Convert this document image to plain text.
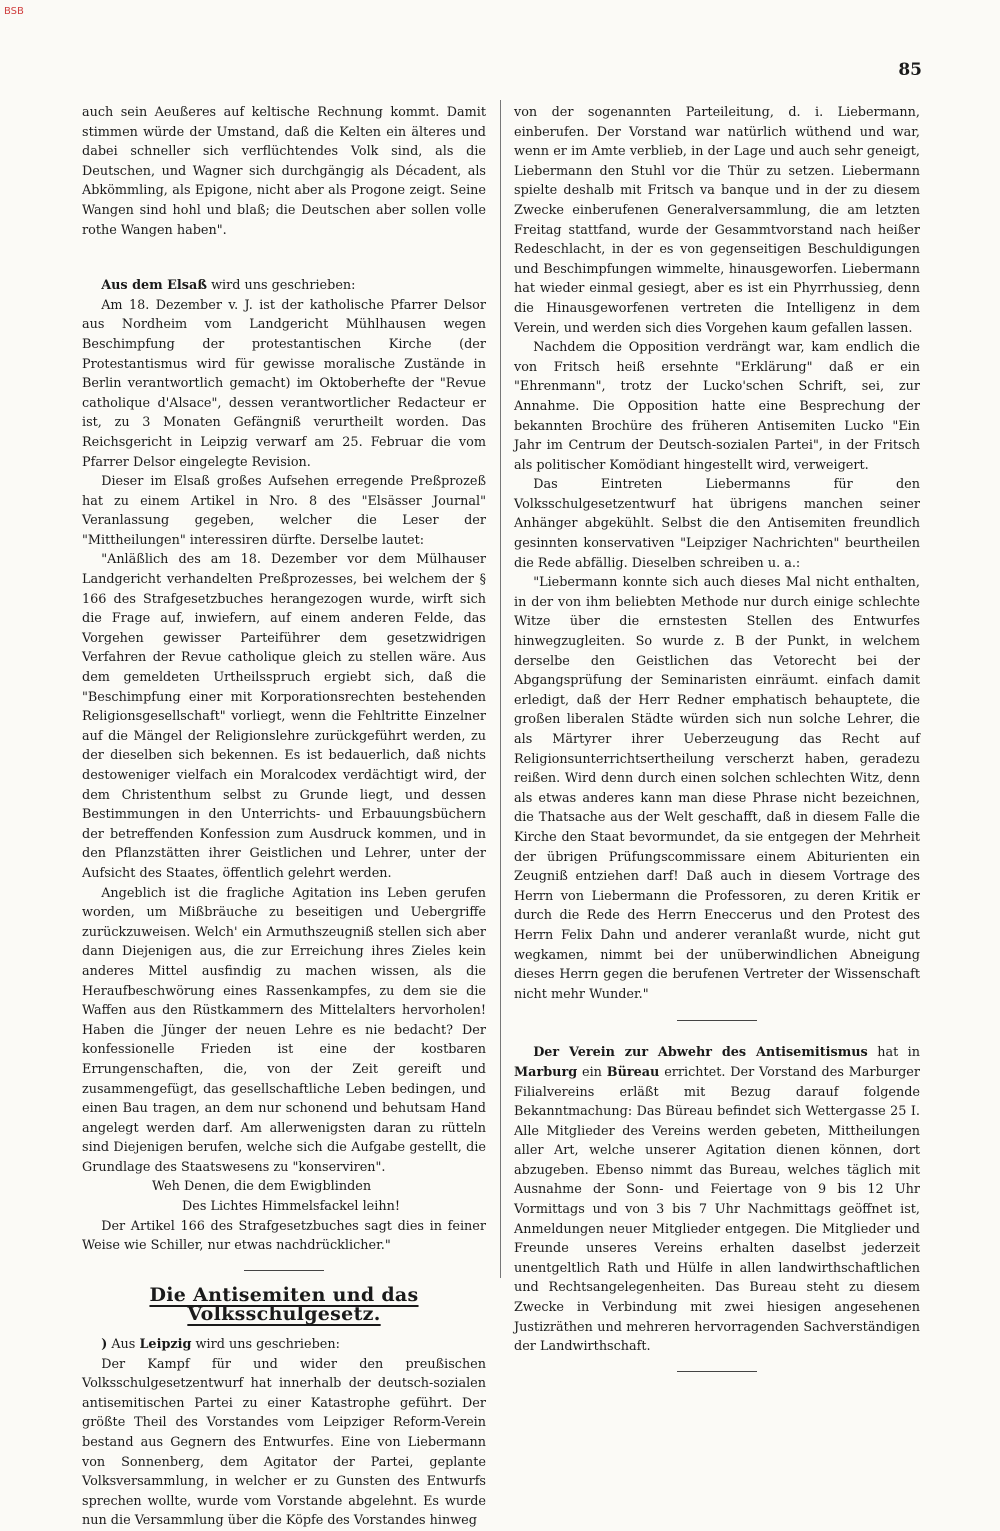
BSB
85

auch sein Aeußeres auf keltische Rechnung kommt. Damit stimmen würde der Umstand, daß die Kelten ein älteres und dabei schneller sich verflüchtendes Volk sind, als die Deutschen, und Wagner sich durchgängig als Décadent, als Abkömmling, als Epigone, nicht aber als Progone zeigt. Seine Wangen sind hohl und blaß; die Deutschen aber sollen volle rothe Wangen haben".

Aus dem Elsaß wird uns geschrieben:

Am 18. Dezember v. J. ist der katholische Pfarrer Delsor aus Nordheim vom Landgericht Mühlhausen wegen Beschimpfung der protestantischen Kirche (der Protestantismus wird für gewisse moralische Zustände in Berlin verantwortlich gemacht) im Oktoberhefte der "Revue catholique d'Alsace", dessen verantwortlicher Redacteur er ist, zu 3 Monaten Gefängniß verurtheilt worden. Das Reichsgericht in Leipzig verwarf am 25. Februar die vom Pfarrer Delsor eingelegte Revision.

Dieser im Elsaß großes Aufsehen erregende Preßprozeß hat zu einem Artikel in Nro. 8 des "Elsässer Journal" Veranlassung gegeben, welcher die Leser der "Mittheilungen" interessiren dürfte. Derselbe lautet:

"Anläßlich des am 18. Dezember vor dem Mülhauser Landgericht verhandelten Preßprozesses, bei welchem der § 166 des Strafgesetzbuches herangezogen wurde, wirft sich die Frage auf, inwiefern, auf einem anderen Felde, das Vorgehen gewisser Parteiführer dem gesetzwidrigen Verfahren der Revue catholique gleich zu stellen wäre. Aus dem gemeldeten Urtheilsspruch ergiebt sich, daß die "Beschimpfung einer mit Korporationsrechten bestehenden Religionsgesellschaft" vorliegt, wenn die Fehltritte Einzelner auf die Mängel der Religionslehre zurückgeführt werden, zu der dieselben sich bekennen. Es ist bedauerlich, daß nichts destoweniger vielfach ein Moralcodex verdächtigt wird, der dem Christenthum selbst zu Grunde liegt, und dessen Bestimmungen in den Unterrichts- und Erbauungsbüchern der betreffenden Konfession zum Ausdruck kommen, und in den Pflanzstätten ihrer Geistlichen und Lehrer, unter der Aufsicht des Staates, öffentlich gelehrt werden.

Angeblich ist die fragliche Agitation ins Leben gerufen worden, um Mißbräuche zu beseitigen und Uebergriffe zurückzuweisen. Welch' ein Armuthszeugniß stellen sich aber dann Diejenigen aus, die zur Erreichung ihres Zieles kein anderes Mittel ausfindig zu machen wissen, als die Heraufbeschwörung eines Rassenkampfes, zu dem sie die Waffen aus den Rüstkammern des Mittelalters hervorholen! Haben die Jünger der neuen Lehre es nie bedacht? Der konfessionelle Frieden ist eine der kostbaren Errungenschaften, die, von der Zeit gereift und zusammengefügt, das gesellschaftliche Leben bedingen, und einen Bau tragen, an dem nur schonend und behutsam Hand angelegt werden darf. Am allerwenigsten daran zu rütteln sind Diejenigen berufen, welche sich die Aufgabe gestellt, die Grundlage des Staatswesens zu "konserviren".

Weh Denen, die dem Ewigblinden

Des Lichtes Himmelsfackel leihn!

Der Artikel 166 des Strafgesetzbuches sagt dies in feiner Weise wie Schiller, nur etwas nachdrücklicher."

Die Antisemiten und das Volksschulgesetz.

) Aus Leipzig wird uns geschrieben:

Der Kampf für und wider den preußischen Volksschulgesetzentwurf hat innerhalb der deutsch-sozialen antisemitischen Partei zu einer Katastrophe geführt. Der größte Theil des Vorstandes vom Leipziger Reform-Verein bestand aus Gegnern des Entwurfes. Eine von Liebermann von Sonnenberg, dem Agitator der Partei, geplante Volksversammlung, in welcher er zu Gunsten des Entwurfs sprechen wollte, wurde vom Vorstande abgelehnt. Es wurde nun die Versammlung über die Köpfe des Vorstandes hinweg

von der sogenannten Parteileitung, d. i. Liebermann, einberufen. Der Vorstand war natürlich wüthend und war, wenn er im Amte verblieb, in der Lage und auch sehr geneigt, Liebermann den Stuhl vor die Thür zu setzen. Liebermann spielte deshalb mit Fritsch va banque und in der zu diesem Zwecke einberufenen Generalversammlung, die am letzten Freitag stattfand, wurde der Gesammtvorstand nach heißer Redeschlacht, in der es von gegenseitigen Beschuldigungen und Beschimpfungen wimmelte, hinausgeworfen. Liebermann hat wieder einmal gesiegt, aber es ist ein Phyrrhussieg, denn die Hinausgeworfenen vertreten die Intelligenz in dem Verein, und werden sich dies Vorgehen kaum gefallen lassen.

Nachdem die Opposition verdrängt war, kam endlich die von Fritsch heiß ersehnte "Erklärung" daß er ein "Ehrenmann", trotz der Lucko'schen Schrift, sei, zur Annahme. Die Opposition hatte eine Besprechung der bekannten Brochüre des früheren Antisemiten Lucko "Ein Jahr im Centrum der Deutsch-sozialen Partei", in der Fritsch als politischer Komödiant hingestellt wird, verweigert.

Das Eintreten Liebermanns für den Volksschulgesetzentwurf hat übrigens manchen seiner Anhänger abgekühlt. Selbst die den Antisemiten freundlich gesinnten konservativen "Leipziger Nachrichten" beurtheilen die Rede abfällig. Dieselben schreiben u. a.:

"Liebermann konnte sich auch dieses Mal nicht enthalten, in der von ihm beliebten Methode nur durch einige schlechte Witze über die ernstesten Stellen des Entwurfes hinwegzugleiten. So wurde z. B der Punkt, in welchem derselbe den Geistlichen das Vetorecht bei der Abgangsprüfung der Seminaristen einräumt. einfach damit erledigt, daß der Herr Redner emphatisch behauptete, die großen liberalen Städte würden sich nun solche Lehrer, die als Märtyrer ihrer Ueberzeugung das Recht auf Religionsunterrichtsertheilung verscherzt haben, geradezu reißen. Wird denn durch einen solchen schlechten Witz, denn als etwas anderes kann man diese Phrase nicht bezeichnen, die Thatsache aus der Welt geschafft, daß in diesem Falle die Kirche den Staat bevormundet, da sie entgegen der Mehrheit der übrigen Prüfungscommissare einem Abiturienten ein Zeugniß entziehen darf! Daß auch in diesem Vortrage des Herrn von Liebermann die Professoren, zu deren Kritik er durch die Rede des Herrn Eneccerus und den Protest des Herrn Felix Dahn und anderer veranlaßt wurde, nicht gut wegkamen, nimmt bei der unüberwindlichen Abneigung dieses Herrn gegen die berufenen Vertreter der Wissenschaft nicht mehr Wunder."

Der Verein zur Abwehr des Antisemitismus hat in Marburg ein Büreau errichtet. Der Vorstand des Marburger Filialvereins erläßt mit Bezug darauf folgende Bekanntmachung: Das Büreau befindet sich Wettergasse 25 I. Alle Mitglieder des Vereins werden gebeten, Mittheilungen aller Art, welche unserer Agitation dienen können, dort abzugeben. Ebenso nimmt das Bureau, welches täglich mit Ausnahme der Sonn- und Feiertage von 9 bis 12 Uhr Vormittags und von 3 bis 7 Uhr Nachmittags geöffnet ist, Anmeldungen neuer Mitglieder entgegen. Die Mitglieder und Freunde unseres Vereins erhalten daselbst jederzeit unentgeltlich Rath und Hülfe in allen landwirthschaftlichen und Rechtsangelegenheiten. Das Bureau steht zu diesem Zwecke in Verbindung mit zwei hiesigen angesehenen Justizräthen und mehreren hervorragenden Sachverständigen der Landwirthschaft.
